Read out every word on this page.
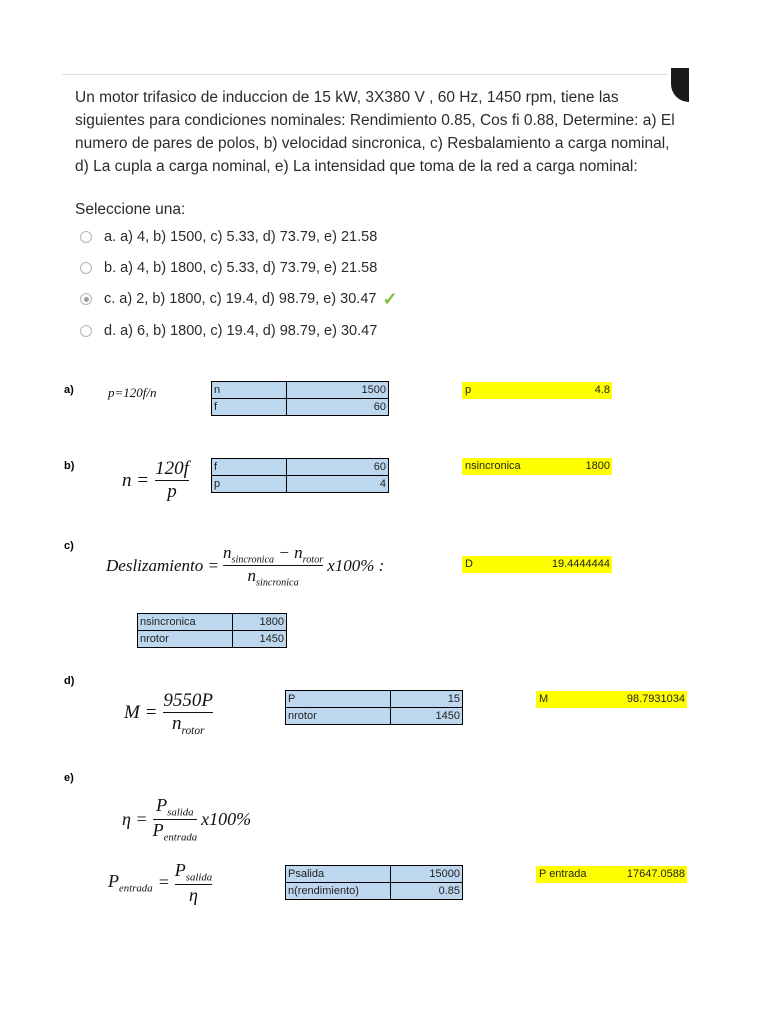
Un motor trifasico de induccion de 15 kW, 3X380 V , 60 Hz, 1450 rpm, tiene las siguientes para condiciones nominales: Rendimiento 0.85, Cos fi 0.88, Determine: a) El numero de pares de polos, b) velocidad sincronica, c) Resbalamiento a carga nominal, d) La cupla a carga nominal, e) La intensidad que toma de la red a carga nominal:
Seleccione una:
a. a) 4, b) 1500, c) 5.33, d) 73.79, e) 21.58
b. a) 4, b) 1800, c) 5.33, d) 73.79, e) 21.58
c. a) 2, b) 1800, c) 19.4, d) 98.79, e) 30.47 ✓
d. a) 6, b) 1800, c) 19.4, d) 98.79, e) 30.47
a)	p=120f/n	n	1500
f	60
p	4.8
b)
$n = \frac{120f}{p}$ f	60
p	4
nsincronica	1800
c)
Deslizamiento = $\frac{n_{sincronica} - n_{rotor}}{n_{sincronica}} x100\%$ :	D	19.4444444
nsincronica	1800
nrotor	1450
d)
$M = \frac{9550P}{n_{rotor}}$	P	15
nrotor	1450
M	98.7931034
e)
$\eta = \frac{P_{salida}}{P_{entrada}} x100\%$
$P_{entrada} = \frac{P_{salida}}{\eta}$	Psalida	15000
n(rendimiento)	0.85
P entrada	17647.0588
